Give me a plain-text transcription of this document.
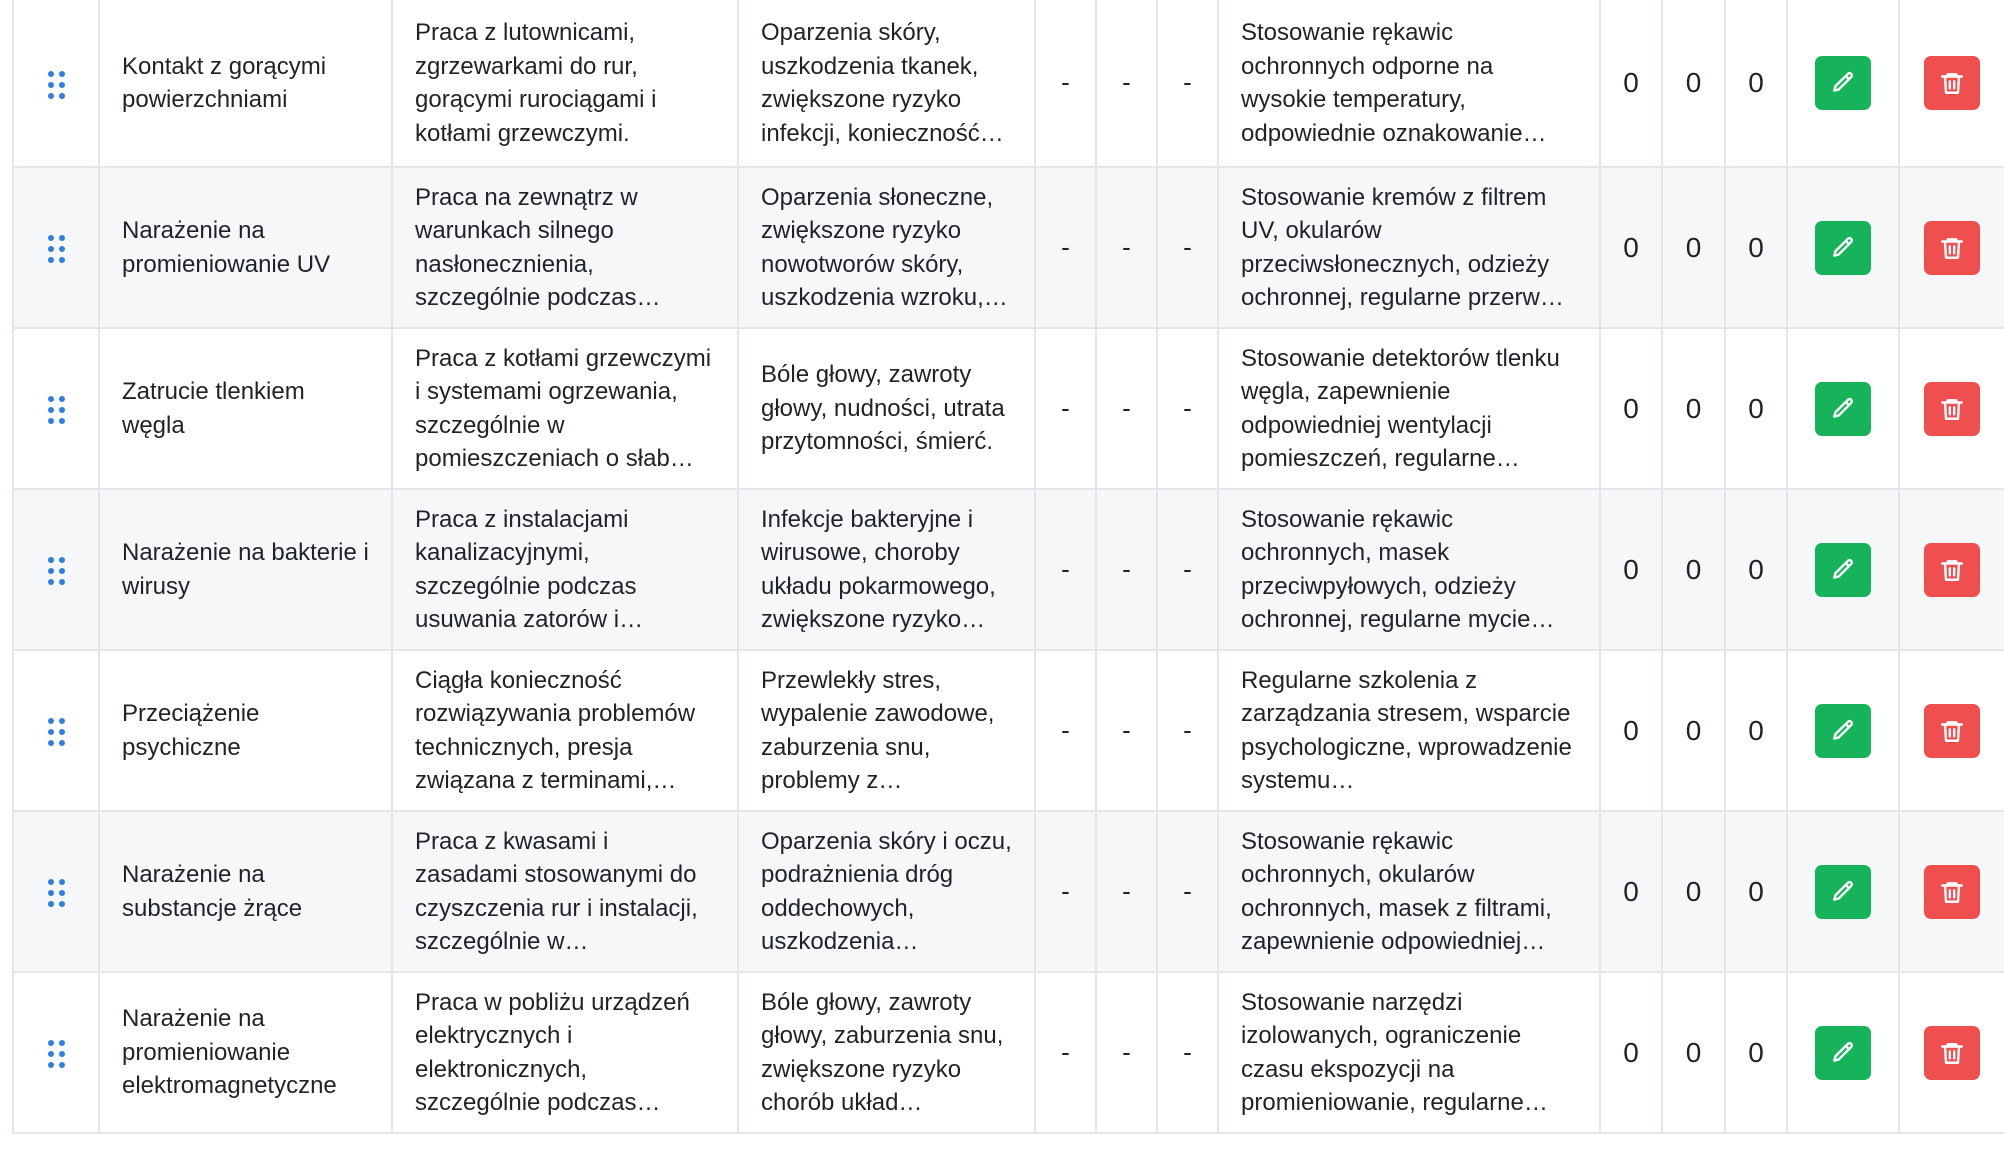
	Kontakt z gorącymi powierzchniami	Praca z lutownicami, zgrzewarkami do rur, gorącymi rurociągami i kotłami grzewczymi.	Oparzenia skóry, uszkodzenia tkanek, zwiększone ryzyko infekcji, konieczność…	-	-	-	Stosowanie rękawic ochronnych odporne na wysokie temperatury, odpowiednie oznakowanie…	0	0	0	

	Narażenie na promieniowanie UV	Praca na zewnątrz w warunkach silnego nasłonecznienia, szczególnie podczas…	Oparzenia słoneczne, zwiększone ryzyko nowotworów skóry, uszkodzenia wzroku,…	-	-	-	Stosowanie kremów z filtrem UV, okularów przeciwsłonecznych, odzieży ochronnej, regularne przerw…	0	0	0	

	Zatrucie tlenkiem węgla	Praca z kotłami grzewczymi i systemami ogrzewania, szczególnie w pomieszczeniach o słab…	Bóle głowy, zawroty głowy, nudności, utrata przytomności, śmierć.	-	-	-	Stosowanie detektorów tlenku węgla, zapewnienie odpowiedniej wentylacji pomieszczeń, regularne…	0	0	0	

	Narażenie na bakterie i wirusy	Praca z instalacjami kanalizacyjnymi, szczególnie podczas usuwania zatorów i…	Infekcje bakteryjne i wirusowe, choroby układu pokarmowego, zwiększone ryzyko…	-	-	-	Stosowanie rękawic ochronnych, masek przeciwpyłowych, odzieży ochronnej, regularne mycie…	0	0	0	

	Przeciążenie psychiczne	Ciągła konieczność rozwiązywania problemów technicznych, presja związana z terminami,…	Przewlekły stres, wypalenie zawodowe, zaburzenia snu, problemy z…	-	-	-	Regularne szkolenia z zarządzania stresem, wsparcie psychologiczne, wprowadzenie systemu…	0	0	0	

	Narażenie na substancje żrące	Praca z kwasami i zasadami stosowanymi do czyszczenia rur i instalacji, szczególnie w…	Oparzenia skóry i oczu, podrażnienia dróg oddechowych, uszkodzenia…	-	-	-	Stosowanie rękawic ochronnych, okularów ochronnych, masek z filtrami, zapewnienie odpowiedniej…	0	0	0	

	Narażenie na promieniowanie elektromagnetyczne	Praca w pobliżu urządzeń elektrycznych i elektronicznych, szczególnie podczas…	Bóle głowy, zawroty głowy, zaburzenia snu, zwiększone ryzyko chorób układ…	-	-	-	Stosowanie narzędzi izolowanych, ograniczenie czasu ekspozycji na promieniowanie, regularne…	0	0	0	
